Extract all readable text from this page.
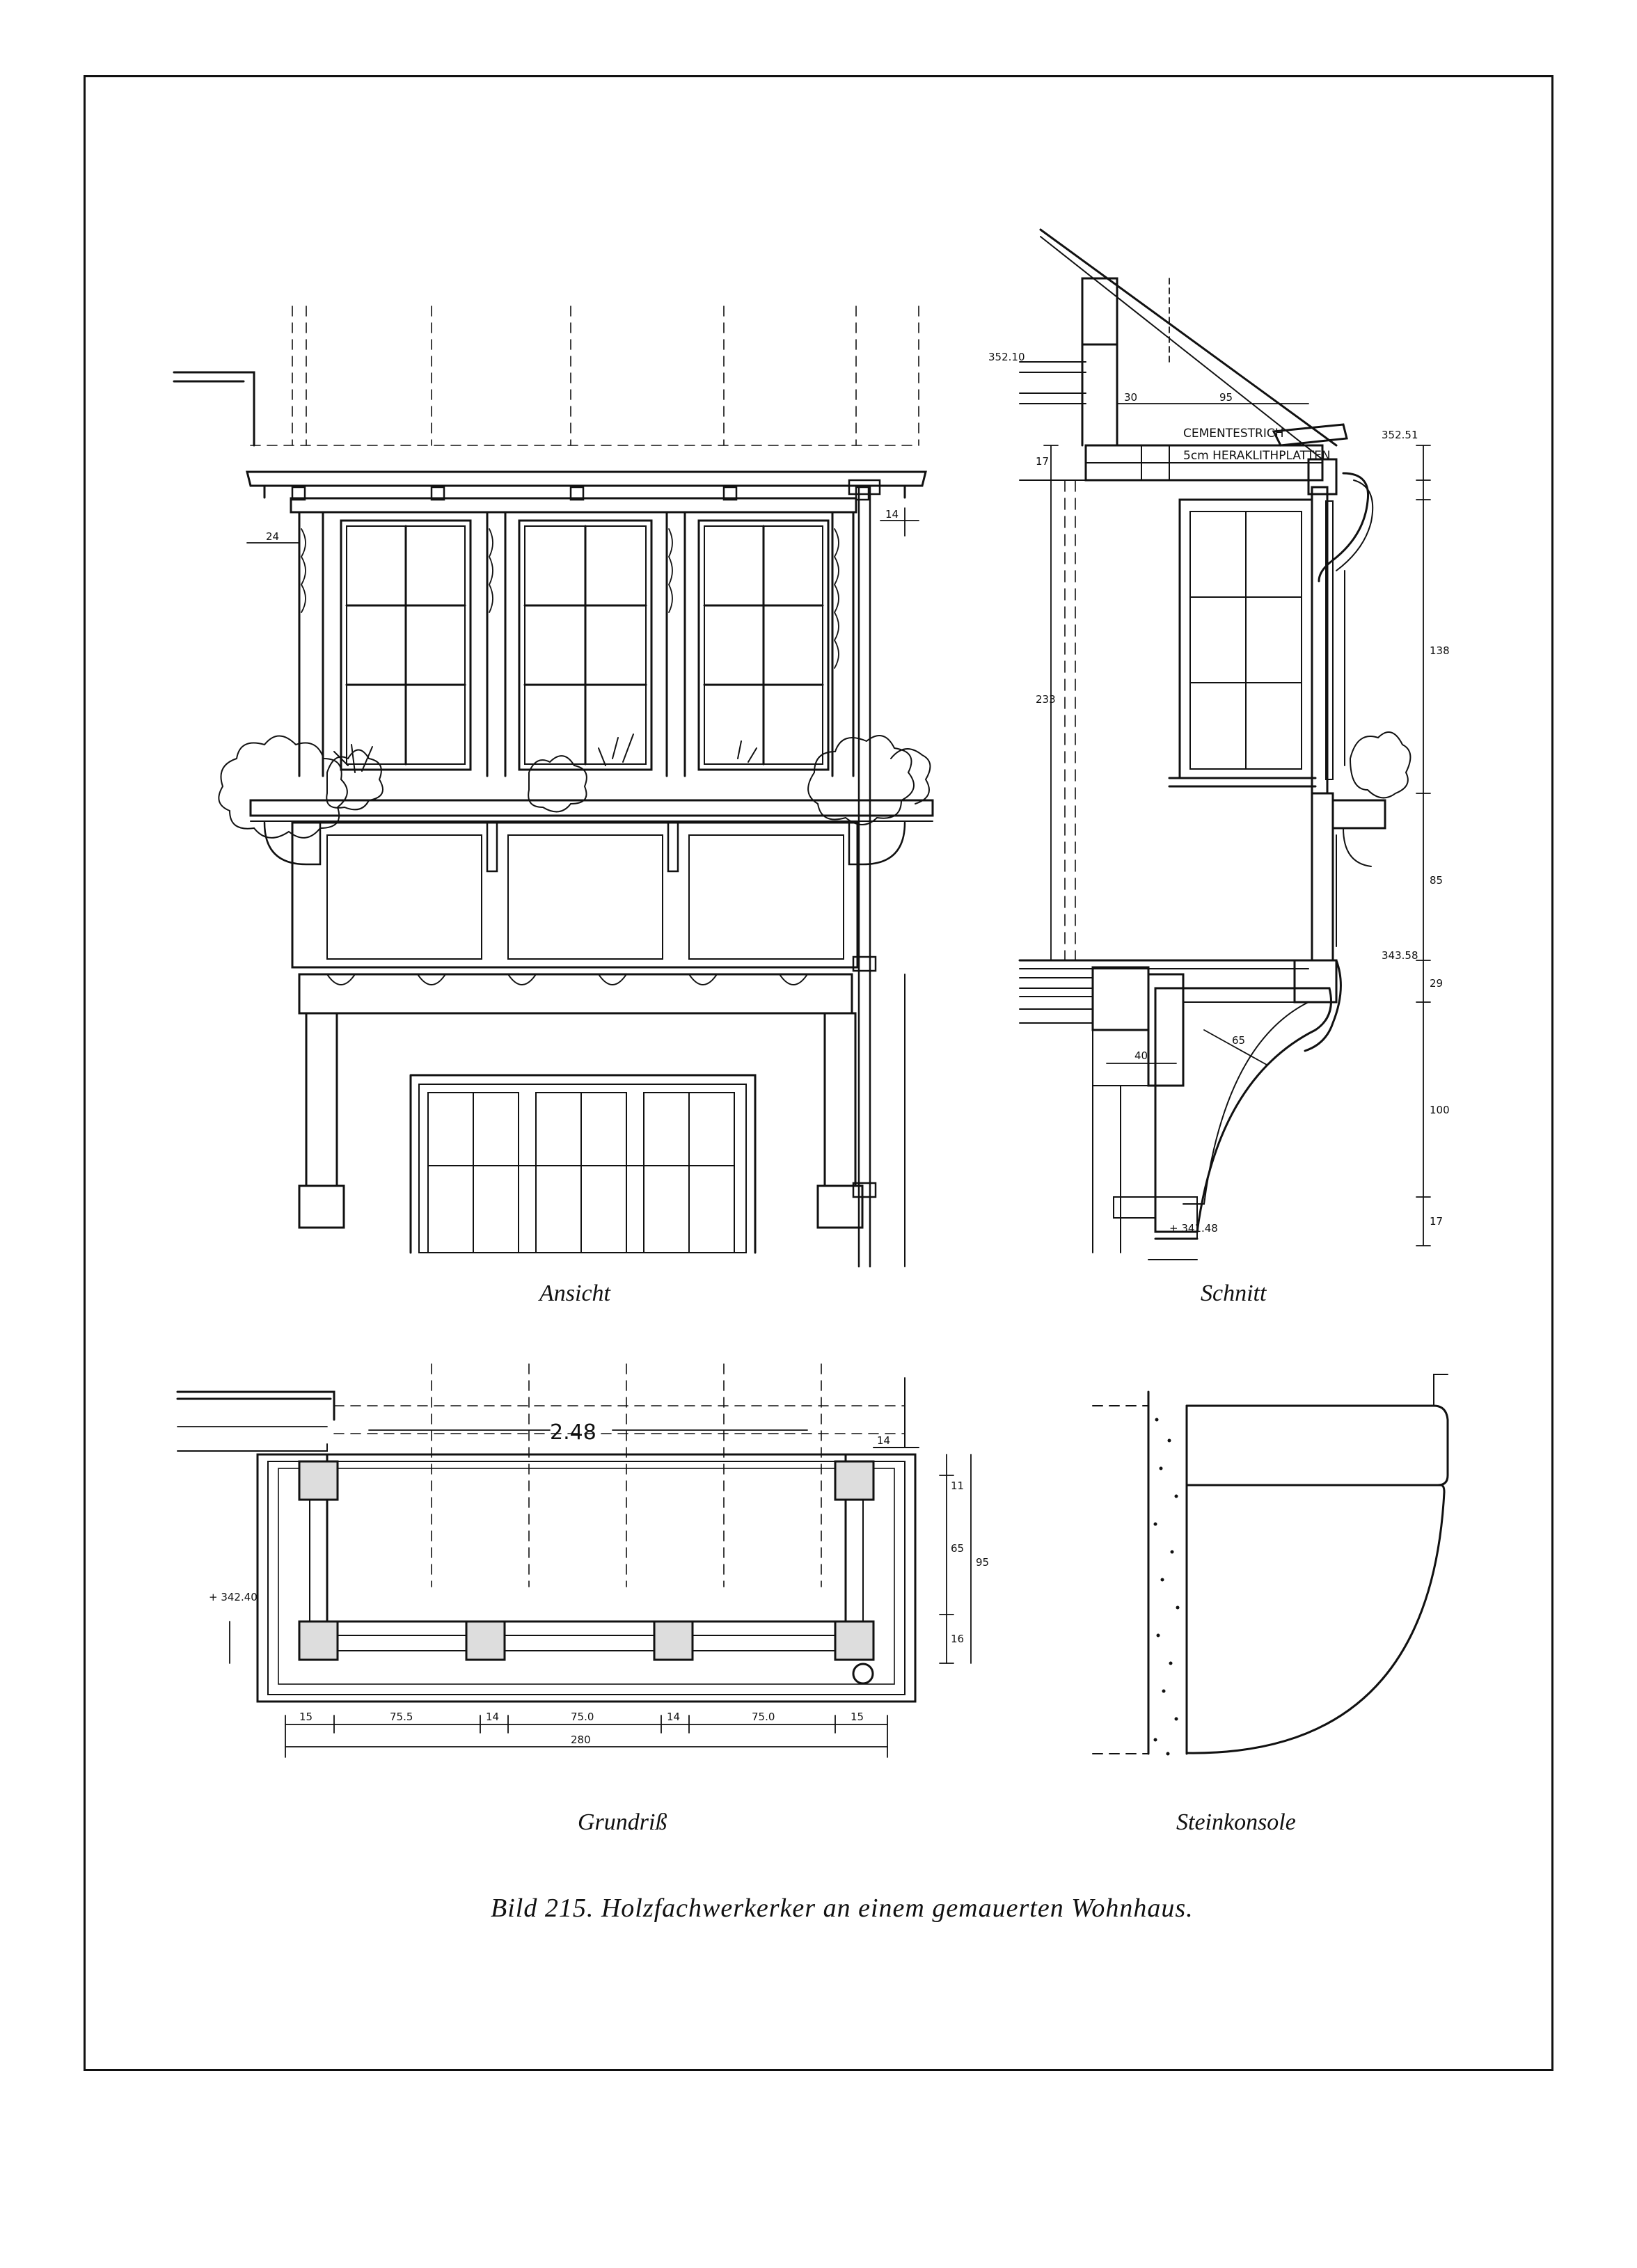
24
14
352.10
352.51
95
30
17
233
138
85
343.58
29
100
17
40
65
+ 341.48
CEMENTESTRICH
5cm HERAKLITHPLATTEN
2.48
15	75.5	14	75.0	14	75.0	15
280
11
65
16
95
+ 342.40
14
Ansicht	Schnitt
Grundriß	Steinkonsole
Bild 215. Holzfachwerkerker an einem gemauerten Wohnhaus.
